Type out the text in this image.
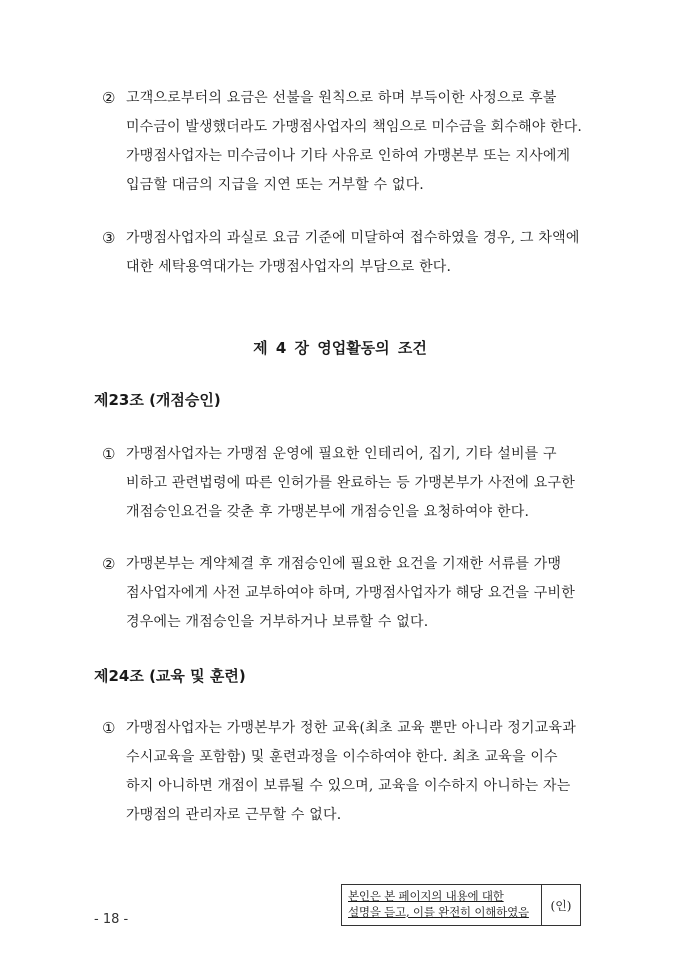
② 고객으로부터의 요금은 선불을 원칙으로 하며 부득이한 사정으로 후불
미수금이 발생했더라도 가맹점사업자의 책임으로 미수금을 회수해야 한다.
가맹점사업자는 미수금이나 기타 사유로 인하여 가맹본부 또는 지사에게
입금할 대금의 지급을 지연 또는 거부할 수 없다.
③ 가맹점사업자의 과실로 요금 기준에 미달하여 접수하였을 경우, 그 차액에
대한 세탁용역대가는 가맹점사업자의 부담으로 한다.
제 4 장 영업활동의 조건
제23조 (개점승인)
① 가맹점사업자는 가맹점 운영에 필요한 인테리어, 집기, 기타 설비를 구
비하고 관련법령에 따른 인허가를 완료하는 등 가맹본부가 사전에 요구한
개점승인요건을 갖춘 후 가맹본부에 개점승인을 요청하여야 한다.
② 가맹본부는 계약체결 후 개점승인에 필요한 요건을 기재한 서류를 가맹
점사업자에게 사전 교부하여야 하며, 가맹점사업자가 해당 요건을 구비한
경우에는 개점승인을 거부하거나 보류할 수 없다.
제24조 (교육 및 훈련)
① 가맹점사업자는 가맹본부가 정한 교육(최초 교육 뿐만 아니라 정기교육과
수시교육을 포함함) 및 훈련과정을 이수하여야 한다. 최초 교육을 이수
하지 아니하면 개점이 보류될 수 있으며, 교육을 이수하지 아니하는 자는
가맹점의 관리자로 근무할 수 없다.
- 18 -
본인은 본 페이지의 내용에 대한
설명을 듣고, 이를 완전히 이해하였음	(인)
